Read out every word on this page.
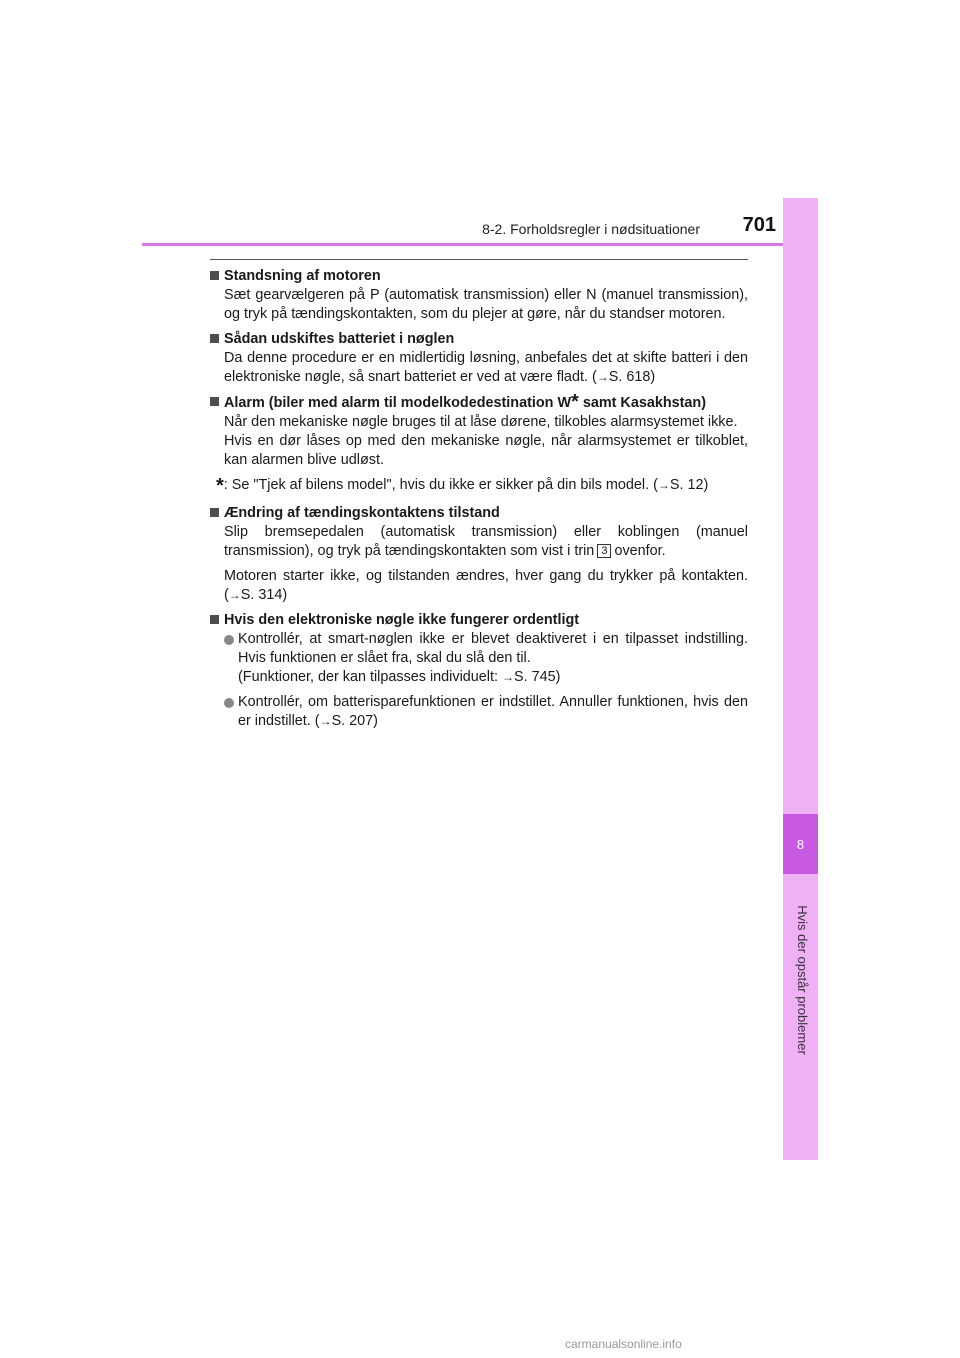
8-2. Forholdsregler i nødsituationer	701
8
Hvis der opstår problemer
Standsning af motoren
Sæt gearvælgeren på P (automatisk transmission) eller N (manuel transmission), og tryk på tændingskontakten, som du plejer at gøre, når du standser motoren.
Sådan udskiftes batteriet i nøglen
Da denne procedure er en midlertidig løsning, anbefales det at skifte batteri i den elektroniske nøgle, så snart batteriet er ved at være fladt. (→S. 618)
Alarm (biler med alarm til modelkodedestination W* samt Kasakhstan)
Når den mekaniske nøgle bruges til at låse dørene, tilkobles alarmsystemet ikke.
Hvis en dør låses op med den mekaniske nøgle, når alarmsystemet er tilkoblet, kan alarmen blive udløst.
*: Se "Tjek af bilens model", hvis du ikke er sikker på din bils model. (→S. 12)
Ændring af tændingskontaktens tilstand
Slip bremsepedalen (automatisk transmission) eller koblingen (manuel transmission), og tryk på tændingskontakten som vist i trin 3 ovenfor.
Motoren starter ikke, og tilstanden ændres, hver gang du trykker på kontakten. (→S. 314)
Hvis den elektroniske nøgle ikke fungerer ordentligt
Kontrollér, at smart-nøglen ikke er blevet deaktiveret i en tilpasset indstilling. Hvis funktionen er slået fra, skal du slå den til.
(Funktioner, der kan tilpasses individuelt: →S. 745)
Kontrollér, om batterisparefunktionen er indstillet. Annuller funktionen, hvis den er indstillet. (→S. 207)
carmanualsonline.info
